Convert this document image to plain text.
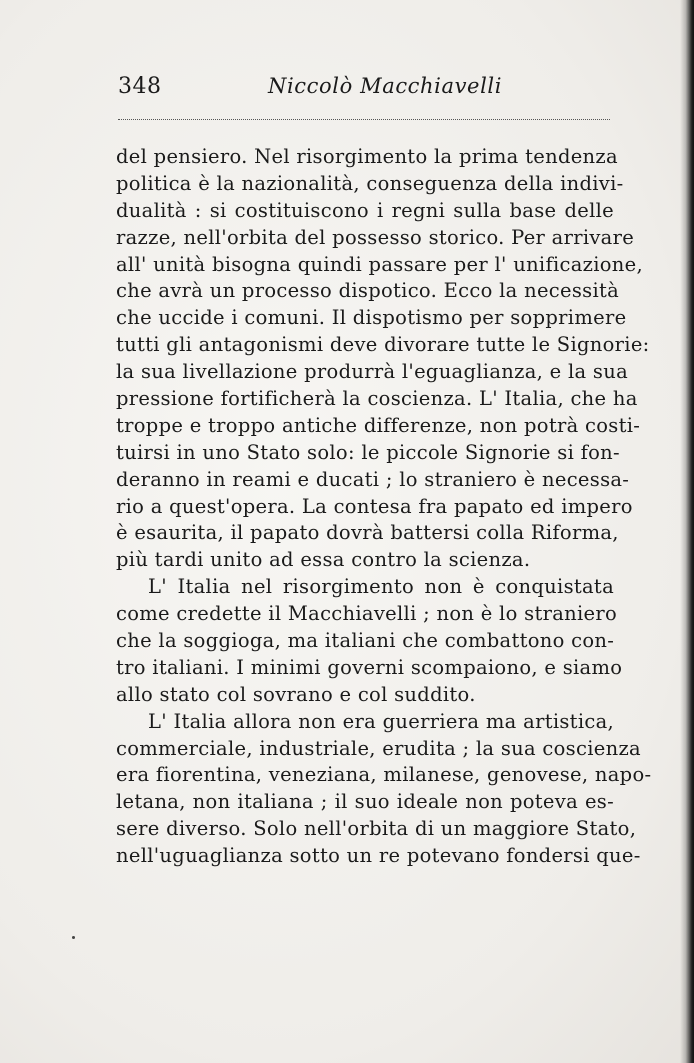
348	Niccolò Macchiavelli
del pensiero. Nel risorgimento la prima tendenza
politica è la nazionalità, conseguenza della indivi-
dualità : si costituiscono i regni sulla base delle
razze, nell'orbita del possesso storico. Per arrivare
all' unità bisogna quindi passare per l' unificazione,
che avrà un processo dispotico. Ecco la necessità
che uccide i comuni. Il dispotismo per sopprimere
tutti gli antagonismi deve divorare tutte le Signorie:
la sua livellazione produrrà l'eguaglianza, e la sua
pressione fortificherà la coscienza. L' Italia, che ha
troppe e troppo antiche differenze, non potrà costi-
tuirsi in uno Stato solo: le piccole Signorie si fon-
deranno in reami e ducati ; lo straniero è necessa-
rio a quest'opera. La contesa fra papato ed impero
è esaurita, il papato dovrà battersi colla Riforma,
più tardi unito ad essa contro la scienza.
L' Italia nel risorgimento non è conquistata
come credette il Macchiavelli ; non è lo straniero
che la soggioga, ma italiani che combattono con-
tro italiani. I minimi governi scompaiono, e siamo
allo stato col sovrano e col suddito.
L' Italia allora non era guerriera ma artistica,
commerciale, industriale, erudita ; la sua coscienza
era fiorentina, veneziana, milanese, genovese, napo-
letana, non italiana ; il suo ideale non poteva es-
sere diverso. Solo nell'orbita di un maggiore Stato,
nell'uguaglianza sotto un re potevano fondersi que-
